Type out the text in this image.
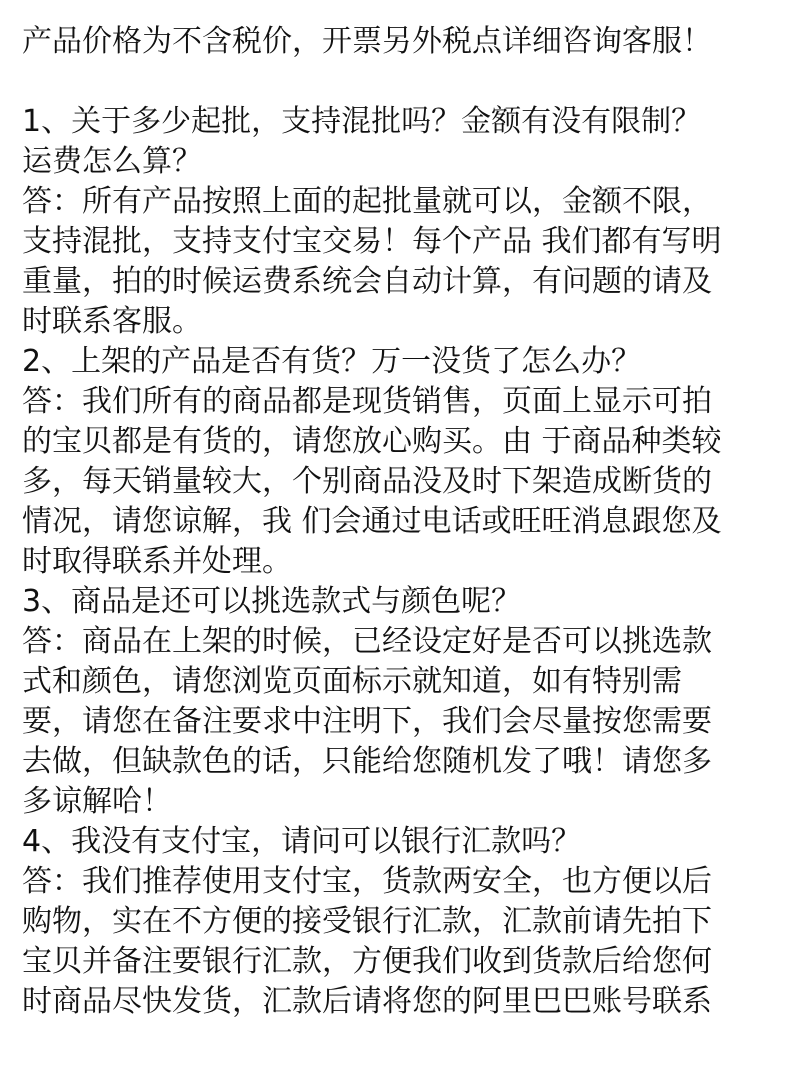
产品价格为不含税价，开票另外税点详细咨询客服！
1、关于多少起批，支持混批吗？金额有没有限制？
运费怎么算？
答：所有产品按照上面的起批量就可以，金额不限，
支持混批，支持支付宝交易！每个产品 我们都有写明
重量，拍的时候运费系统会自动计算，有问题的请及
时联系客服。
2、上架的产品是否有货？万一没货了怎么办？
答：我们所有的商品都是现货销售，页面上显示可拍
的宝贝都是有货的，请您放心购买。由 于商品种类较
多，每天销量较大，个别商品没及时下架造成断货的
情况，请您谅解，我 们会通过电话或旺旺消息跟您及
时取得联系并处理。
3、商品是还可以挑选款式与颜色呢？
答：商品在上架的时候，已经设定好是否可以挑选款
式和颜色，请您浏览页面标示就知道，如有特别需
要，请您在备注要求中注明下，我们会尽量按您需要
去做，但缺款色的话，只能给您随机发了哦！请您多
多谅解哈！
4、我没有支付宝，请问可以银行汇款吗？
答：我们推荐使用支付宝，货款两安全，也方便以后
购物，实在不方便的接受银行汇款，汇款前请先拍下
宝贝并备注要银行汇款，方便我们收到货款后给您何
时商品尽快发货，汇款后请将您的阿里巴巴账号联系
